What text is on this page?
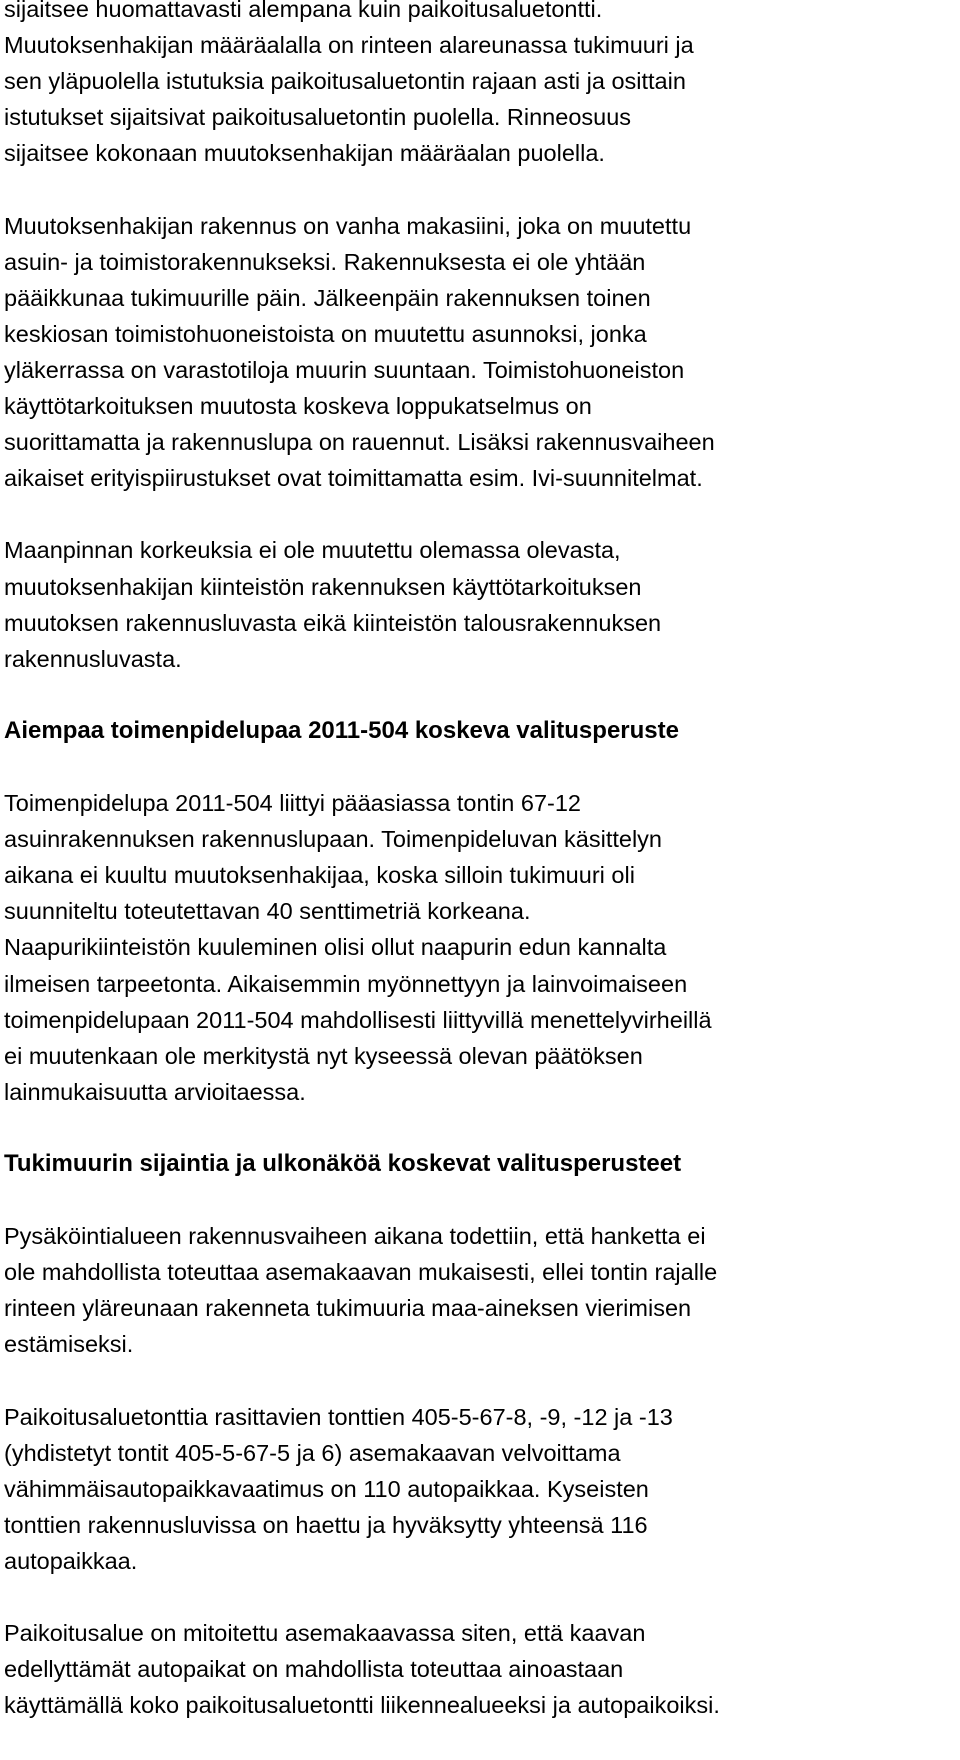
sijaitsee huomattavasti alempana kuin paikoitusaluetontti.
Muutoksenhakijan määräalalla on rinteen alareunassa tukimuuri ja
sen yläpuolella istutuksia paikoitusaluetontin rajaan asti ja osittain
istutukset sijaitsivat paikoitusaluetontin puolella. Rinneosuus
sijaitsee kokonaan muutoksenhakijan määräalan puolella.

Muutoksenhakijan rakennus on vanha makasiini, joka on muutettu
asuin- ja toimistorakennukseksi. Rakennuksesta ei ole yhtään
pääikkunaa tukimuurille päin. Jälkeenpäin rakennuksen toinen
keskiosan toimistohuoneistoista on muutettu asunnoksi, jonka
yläkerrassa on varastotiloja muurin suuntaan. Toimistohuoneiston
käyttötarkoituksen muutosta koskeva loppukatselmus on
suorittamatta ja rakennuslupa on rauennut. Lisäksi rakennusvaiheen
aikaiset erityispiirustukset ovat toimittamatta esim. Ivi-suunnitelmat.

Maanpinnan korkeuksia ei ole muutettu olemassa olevasta,
muutoksenhakijan kiinteistön rakennuksen käyttötarkoituksen
muutoksen rakennusluvasta eikä kiinteistön talousrakennuksen
rakennusluvasta.

Aiempaa toimenpidelupaa 2011-504 koskeva valitusperuste

Toimenpidelupa 2011-504 liittyi pääasiassa tontin 67-12
asuinrakennuksen rakennuslupaan. Toimenpideluvan käsittelyn
aikana ei kuultu muutoksenhakijaa, koska silloin tukimuuri oli
suunniteltu toteutettavan 40 senttimetriä korkeana.
Naapurikiinteistön kuuleminen olisi ollut naapurin edun kannalta
ilmeisen tarpeetonta. Aikaisemmin myönnettyyn ja lainvoimaiseen
toimenpidelupaan 2011-504 mahdollisesti liittyvillä menettelyvirheillä
ei muutenkaan ole merkitystä nyt kyseessä olevan päätöksen
lainmukaisuutta arvioitaessa.

Tukimuurin sijaintia ja ulkonäköä koskevat valitusperusteet

Pysäköintialueen rakennusvaiheen aikana todettiin, että hanketta ei
ole mahdollista toteuttaa asemakaavan mukaisesti, ellei tontin rajalle
rinteen yläreunaan rakenneta tukimuuria maa-aineksen vierimisen
estämiseksi.

Paikoitusaluetonttia rasittavien tonttien 405-5-67-8, -9, -12 ja -13
(yhdistetyt tontit 405-5-67-5 ja 6) asemakaavan velvoittama
vähimmäisautopaikkavaatimus on 110 autopaikkaa. Kyseisten
tonttien rakennusluvissa on haettu ja hyväksytty yhteensä 116
autopaikkaa.

Paikoitusalue on mitoitettu asemakaavassa siten, että kaavan
edellyttämät autopaikat on mahdollista toteuttaa ainoastaan
käyttämällä koko paikoitusaluetontti liikennealueeksi ja autopaikoiksi.
